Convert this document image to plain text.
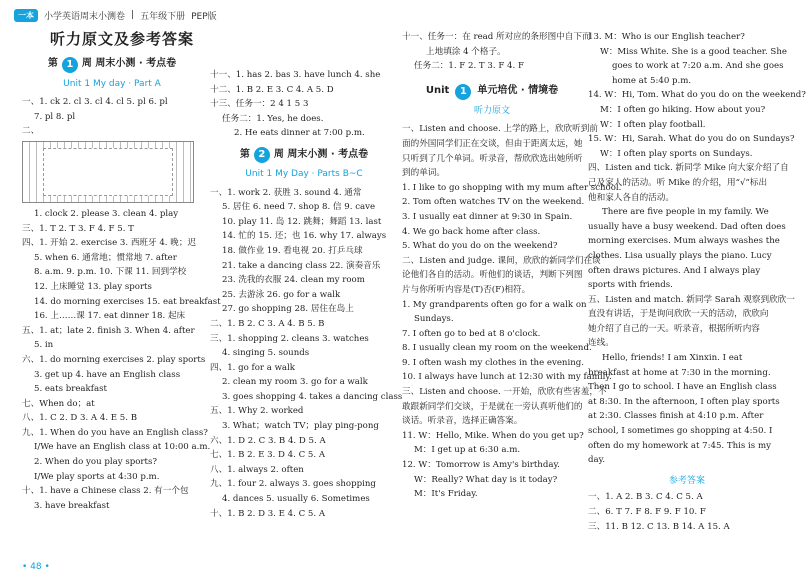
一本	小学英语周末小测卷 | 五年级下册 PEP版
听力原文及参考答案
第 1 周 周末小测 · 考点卷
Unit 1 My day · Part A
一、1. ck 2. cl 3. cl 4. cl 5. pl 6. pl
7. pl 8. pl
二、
1. clock 2. please 3. clean 4. play
三、1. T 2. T 3. F 4. F 5. T
四、1. 开始 2. exercise 3. 西班牙 4. 晚；迟
5. when 6. 通常地；惯常地 7. after
8. a.m. 9. p.m. 10. 下课 11. 回到学校
12. 上床睡觉 13. play sports
14. do morning exercises 15. eat breakfast
16. 上……课 17. eat dinner 18. 起床
五、1. at；late 2. finish 3. When 4. after
5. in
六、1. do morning exercises 2. play sports
3. get up 4. have an English class
5. eats breakfast
七、When do；at
八、1. C 2. D 3. A 4. E 5. B
九、1. When do you have an English class?
I/We have an English class at 10:00 a.m.
2. When do you play sports?
I/We play sports at 4:30 p.m.
十、1. have a Chinese class 2. 有一个包
3. have breakfast
十一、1. has 2. bas 3. have lunch 4. she
十二、1. B 2. E 3. C 4. A 5. D
十三、任务一：2 4 1 5 3
任务二：1. Yes, he does.
2. He eats dinner at 7:00 p.m.
第 2 周 周末小测 · 考点卷
Unit 1 My Day · Parts B~C
一、1. work 2. 获胜 3. sound 4. 通常
5. 居住 6. need 7. shop 8. 信 9. cave
10. play 11. 岛 12. 跳舞；舞蹈 13. last
14. 忙的 15. 还；也 16. why 17. always
18. 做作业 19. 看电视 20. 打乒乓球
21. take a dancing class 22. 演奏音乐
23. 洗我的衣服 24. clean my room
25. 去游泳 26. go for a walk
27. go shopping 28. 居住在岛上
二、1. B 2. C 3. A 4. B 5. B
三、1. shopping 2. cleans 3. watches
4. singing 5. sounds
四、1. go for a walk
2. clean my room 3. go for a walk
3. goes shopping 4. takes a dancing class
五、1. Why 2. worked
3. What；watch TV；play ping-pong
六、1. D 2. C 3. B 4. D 5. A
七、1. B 2. E 3. D 4. C 5. A
八、1. always 2. often
九、1. four 2. always 3. goes shopping
4. dances 5. usually 6. Sometimes
十、1. B 2. D 3. E 4. C 5. A
十一、任务一：在 read 所对应的条形图中自下而
上地填涂 4 个格子。
任务二：1. F 2. T 3. F 4. F
Unit	1	单元培优 · 情境卷
听力原文
一、Listen and choose. 上学的路上，欣欣听到前
面的外国同学们正在交谈，但由于距离太远，她
只听到了几个单词。听录音，帮欣欣选出她所听
到的单词。
1. I like to go shopping with my mum after school.
2. Tom often watches TV on the weekend.
3. I usually eat dinner at 9:30 in Spain.
4. We go back home after class.
5. What do you do on the weekend?
二、Listen and judge. 课间，欣欣的新同学们在谈
论他们各自的活动。听他们的谈话，判断下列图
片与你所听内容是(T)否(F)相符。
1. My grandparents often go for a walk on
Sundays.
7. I often go to bed at 8 o'clock.
8. I usually clean my room on the weekend.
9. I often wash my clothes in the evening.
10. I always have lunch at 12:30 with my family.
三、Listen and choose. 一开始，欣欣有些害羞，不
敢跟新同学们交谈，于是就在一旁认真听他们的
谈话。听录音，选择正确答案。
11. W：Hello, Mike. When do you get up?
M：I get up at 6:30 a.m.
12. W：Tomorrow is Amy's birthday.
W：Really? What day is it today?
M：It's Friday.
13. M：Who is our English teacher?
W：Miss White. She is a good teacher. She
goes to work at 7:20 a.m. And she goes
home at 5:40 p.m.
14. W：Hi, Tom. What do you do on the weekend?
M：I often go hiking. How about you?
W：I often play football.
15. W：Hi, Sarah. What do you do on Sundays?
W：I often play sports on Sundays.
四、Listen and tick. 新同学 Mike 向大家介绍了自
己及家人的活动。听 Mike 的介绍，用“√”标出
他和家人各自的活动。
There are five people in my family. We usually have a busy weekend. Dad often does morning exercises. Mum always washes the clothes. Lisa usually plays the piano. Lucy often draws pictures. And I always play sports with friends.
五、Listen and match. 新同学 Sarah 观察到欣欣一
直没有讲话，于是询问欣欣一天的活动，欣欣向
她介绍了自己的一天。听录音，根据所听内容
连线。
Hello, friends! I am Xinxin. I eat breakfast at home at 7:30 in the morning. Then I go to school. I have an English class at 8:30. In the afternoon, I often play sports at 2:30. Classes finish at 4:10 p.m. After school, I sometimes go shopping at 4:50. I often do my homework at 7:45. This is my day.
参考答案
一、1. A 2. B 3. C 4. C 5. A
二、6. T 7. F 8. F 9. F 10. F
三、11. B 12. C 13. B 14. A 15. A
• 48 •
